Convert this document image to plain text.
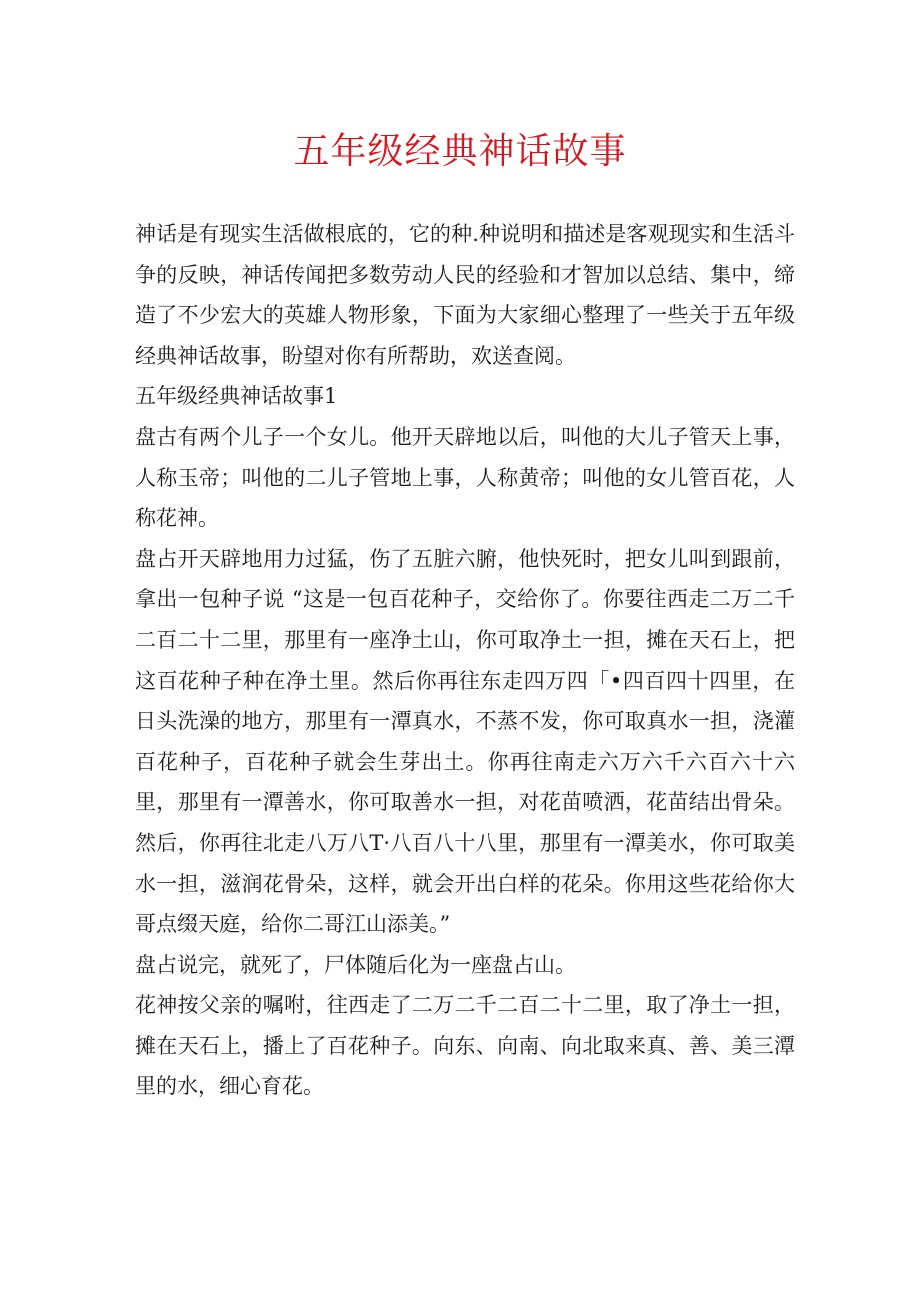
五年级经典神话故事

神话是有现实生活做根底的，它的种.种说明和描述是客观现实和生活斗争的反映，神话传闻把多数劳动人民的经验和才智加以总结、集中，缔造了不少宏大的英雄人物形象，下面为大家细心整理了一些关于五年级经典神话故事，盼望对你有所帮助，欢送查阅。

五年级经典神话故事1

盘古有两个儿子一个女儿。他开天辟地以后，叫他的大儿子管天上事，人称玉帝；叫他的二儿子管地上事，人称黄帝；叫他的女儿管百花，人称花神。

盘占开天辟地用力过猛，伤了五脏六腑，他快死时，把女儿叫到跟前，拿出一包种子说 “这是一包百花种子，交给你了。你要往西走二万二千二百二十二里，那里有一座净土山，你可取净土一担，摊在天石上，把这百花种子种在净土里。然后你再往东走四万四「•四百四十四里，在日头洗澡的地方，那里有一潭真水，不蒸不发，你可取真水一担，浇灌百花种子，百花种子就会生芽出土。你再往南走六万六千六百六十六里，那里有一潭善水，你可取善水一担，对花苗喷洒，花苗结出骨朵。然后，你再往北走八万八T·八百八十八里，那里有一潭美水，你可取美水一担，滋润花骨朵，这样，就会开出白样的花朵。你用这些花给你大哥点缀天庭，给你二哥江山添美。”

盘占说完，就死了，尸体随后化为一座盘占山。

花神按父亲的嘱咐，往西走了二万二千二百二十二里，取了净土一担，摊在天石上，播上了百花种子。向东、向南、向北取来真、善、美三潭里的水，细心育花。
